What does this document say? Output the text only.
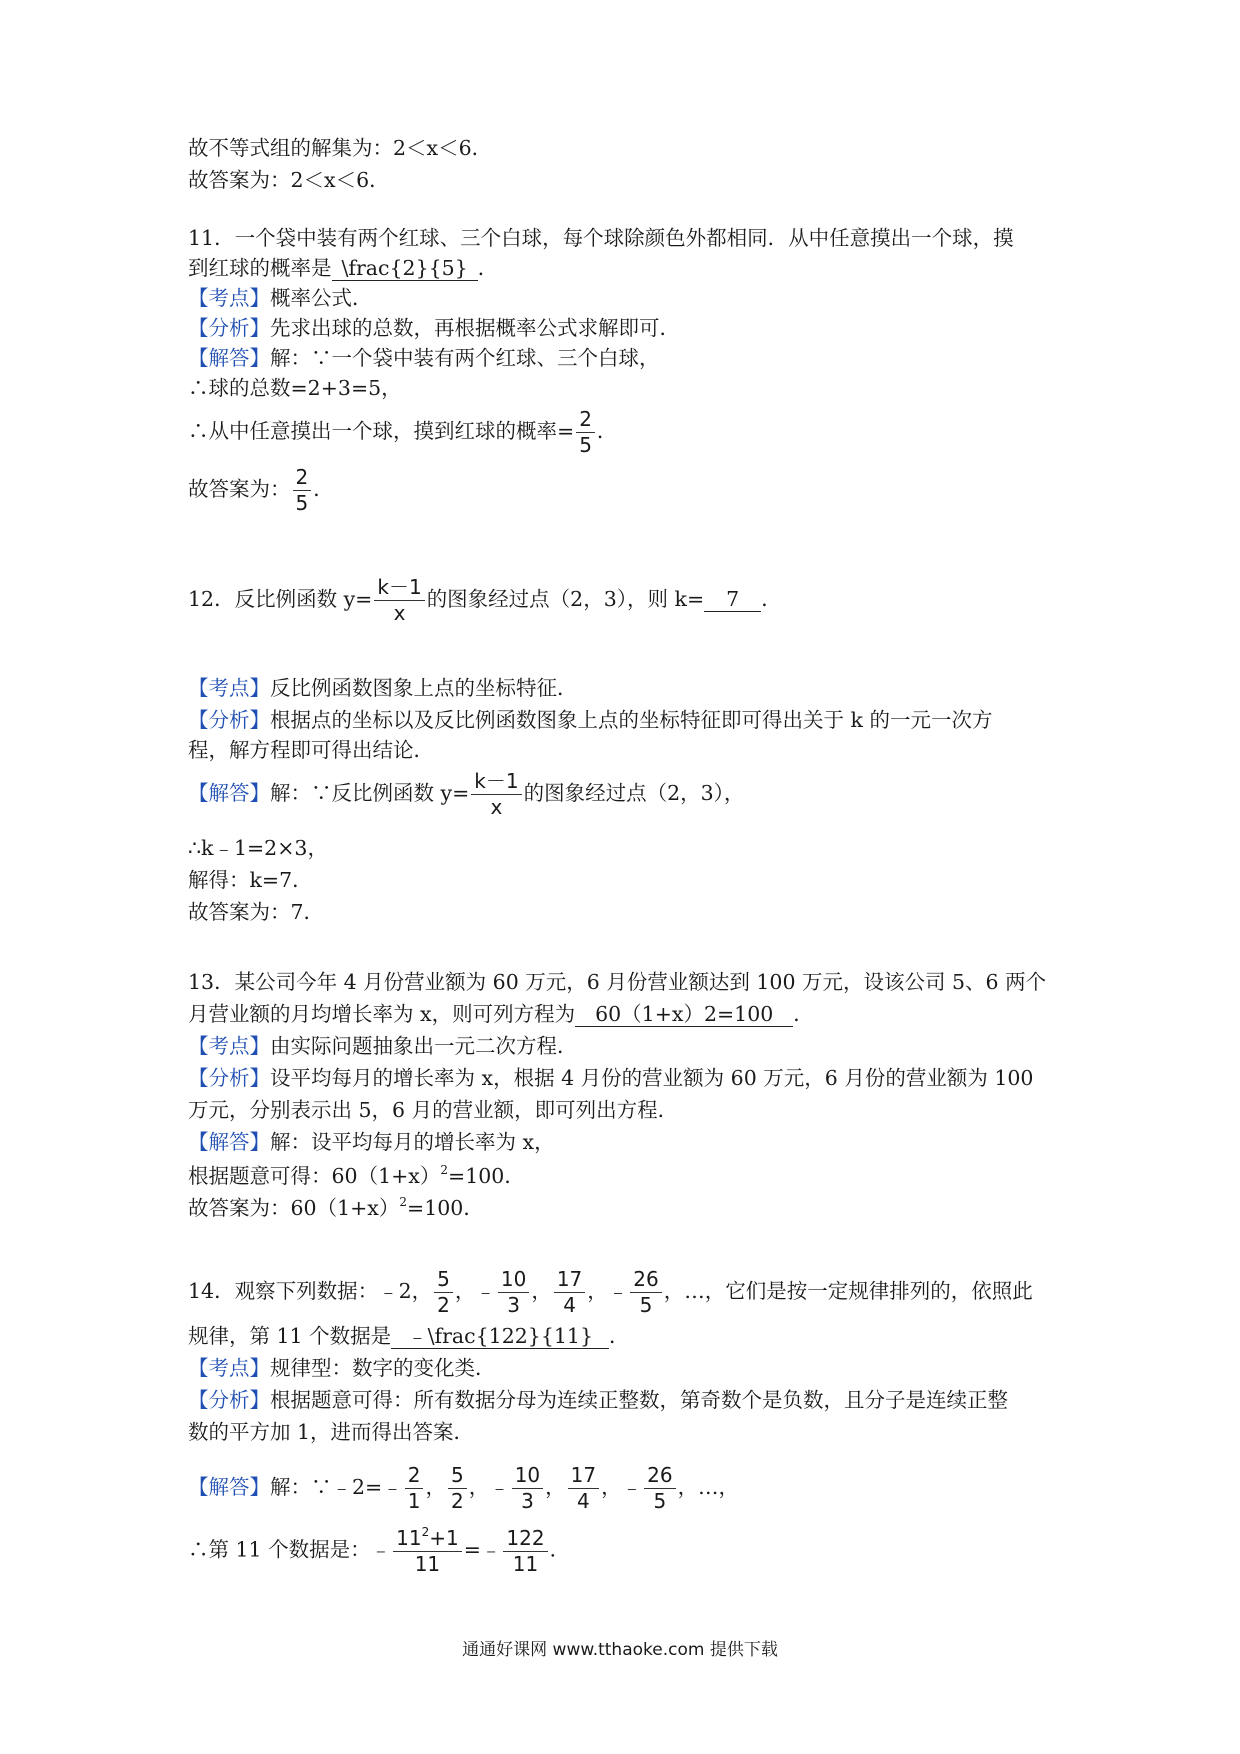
故不等式组的解集为：2＜x＜6．
故答案为：2＜x＜6．
11．一个袋中装有两个红球、三个白球，每个球除颜色外都相同．从中任意摸出一个球，摸
到红球的概率是 \frac{2}{5} ．
【考点】概率公式．
【分析】先求出球的总数，再根据概率公式求解即可．
【解答】解：∵一个袋中装有两个红球、三个白球，
∴球的总数=2+3=5，
∴从中任意摸出一个球，摸到红球的概率= $\frac{2}{5}$ ．
故答案为： $\frac{2}{5}$ ．
12．反比例函数 $y= \frac{k-1}{x}$ 的图象经过点（2，3），则 k= 7 ．
【考点】反比例函数图象上点的坐标特征．
【分析】根据点的坐标以及反比例函数图象上点的坐标特征即可得出关于 k 的一元一次方
程，解方程即可得出结论．
【解答】解：∵反比例函数 $y= \frac{k-1}{x}$ 的图象经过点（2，3），
∴k﹣1=2×3，
解得：k=7．
故答案为：7．
13．某公司今年 4 月份营业额为 60 万元，6 月份营业额达到 100 万元，设该公司 5、6 两个
月营业额的月均增长率为 x，则可列方程为 60（1+x）2=100 ．
【考点】由实际问题抽象出一元二次方程．
【分析】设平均每月的增长率为 x，根据 4 月份的营业额为 60 万元，6 月份的营业额为 100
万元，分别表示出 5，6 月的营业额，即可列出方程．
【解答】解：设平均每月的增长率为 x，
根据题意可得：$60(1+x)^2=100$．
故答案为：$60(1+x)^2=100$．
14．观察下列数据：﹣2， $\frac{5}{2}$ ，﹣ $\frac{10}{3}$ ， $\frac{17}{4}$ ，﹣ $\frac{26}{5}$ ，…，它们是按一定规律排列的，依照此
规律，第 11 个数据是 ﹣\frac{122}{11} ．
【考点】规律型：数字的变化类．
【分析】根据题意可得：所有数据分母为连续正整数，第奇数个是负数，且分子是连续正整
数的平方加 1，进而得出答案．
【解答】解：∵﹣2=﹣ $\frac{2}{1}$ ， $\frac{5}{2}$ ，﹣ $\frac{10}{3}$ ， $\frac{17}{4}$ ，﹣ $\frac{26}{5}$ ，…，
∴第 11 个数据是：﹣ $\frac{11^2+1}{11}$ =﹣ $\frac{122}{11}$ ．
通通好课网 www.tthaoke.com 提供下载
